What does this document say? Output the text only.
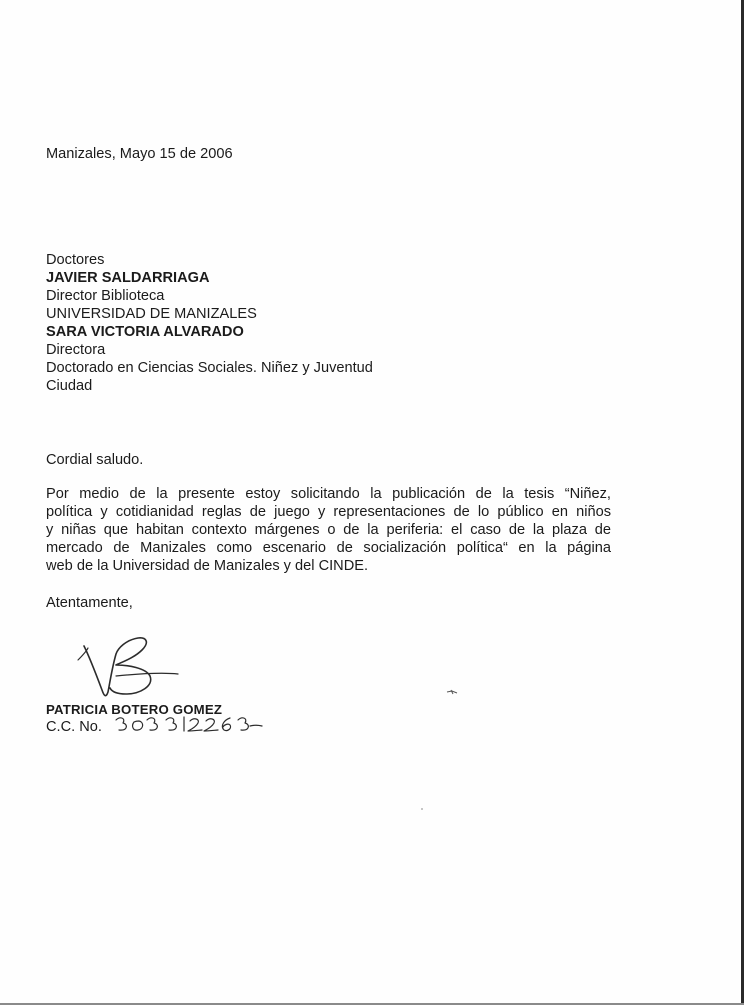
Manizales, Mayo 15 de 2006
Doctores
JAVIER SALDARRIAGA
Director Biblioteca
UNIVERSIDAD DE MANIZALES
SARA VICTORIA ALVARADO
Directora
Doctorado en Ciencias Sociales. Niñez y Juventud
Ciudad
Cordial saludo.
Por medio de la presente estoy solicitando la publicación de la tesis “Niñez,
política y cotidianidad reglas de juego y representaciones de lo público en niños
y niñas que habitan contexto márgenes o de la periferia: el caso de la plaza de
mercado de Manizales como escenario de socialización política“ en la página
web de la Universidad de Manizales y del CINDE.
Atentamente,
PATRICIA BOTERO GOMEZ
C.C. No.
